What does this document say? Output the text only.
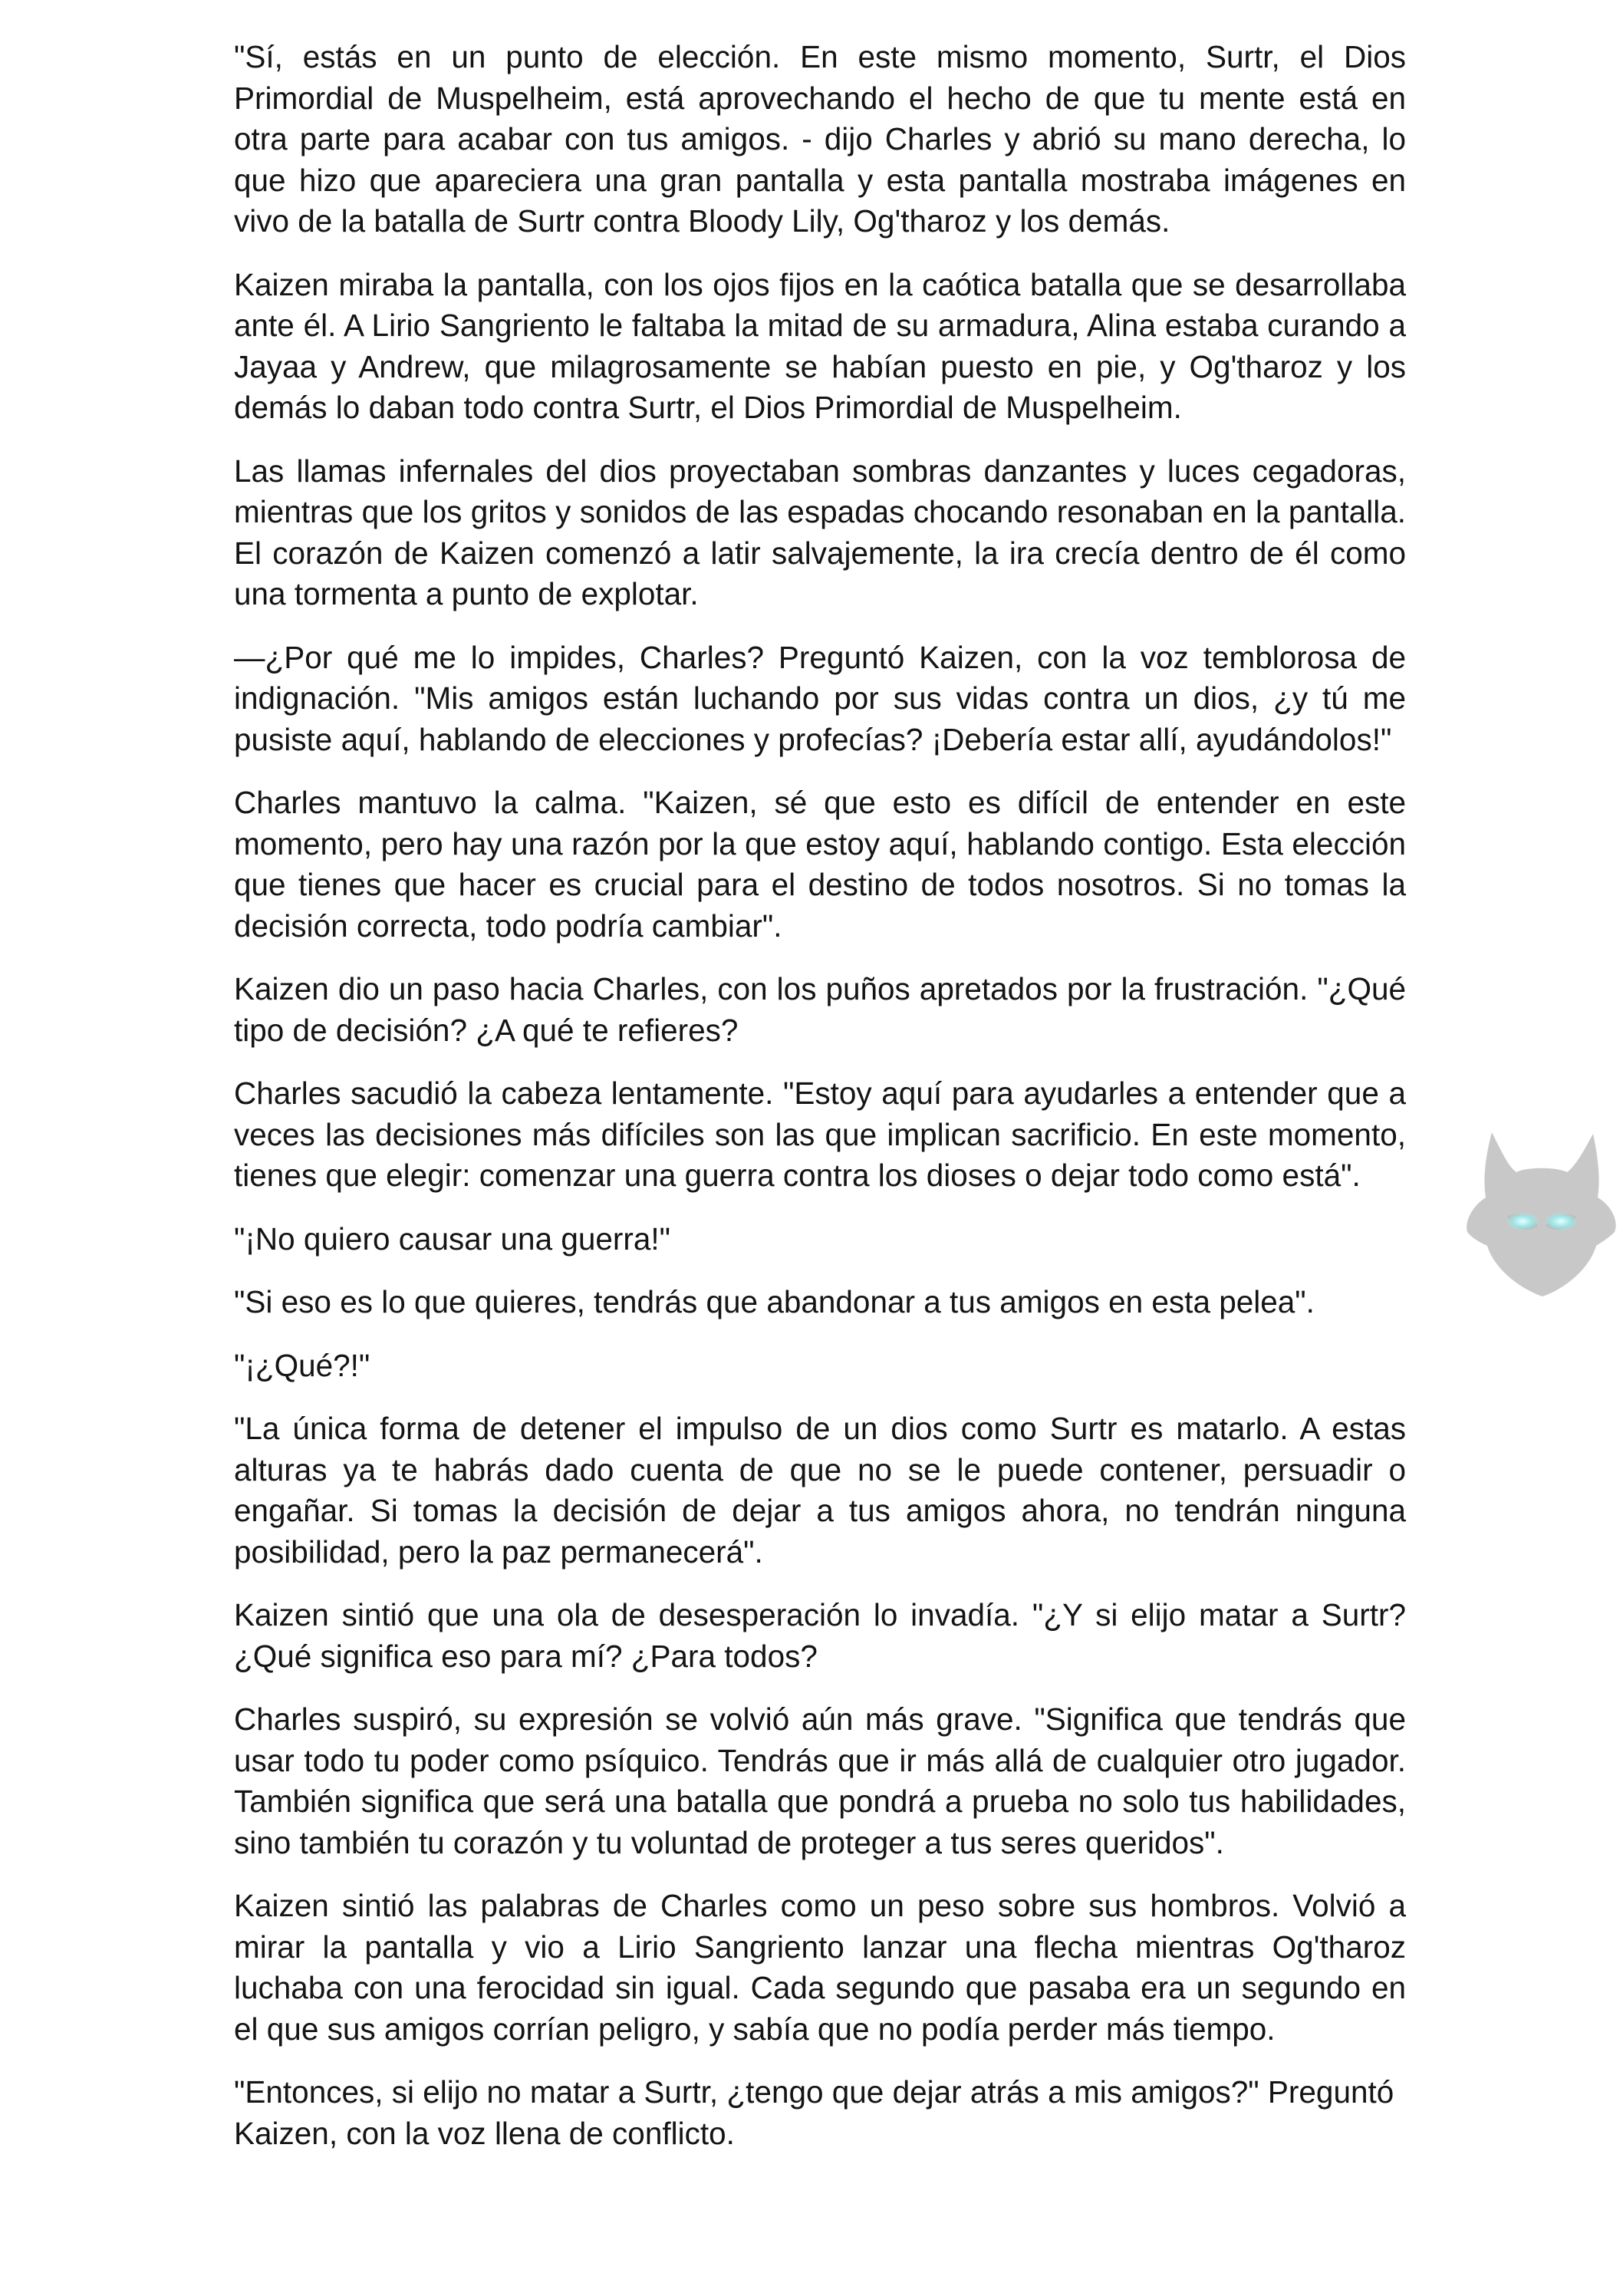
"Sí, estás en un punto de elección. En este mismo momento, Surtr, el Dios Primordial de Muspelheim, está aprovechando el hecho de que tu mente está en otra parte para acabar con tus amigos. - dijo Charles y abrió su mano derecha, lo que hizo que apareciera una gran pantalla y esta pantalla mostraba imágenes en vivo de la batalla de Surtr contra Bloody Lily, Og'tharoz y los demás.

Kaizen miraba la pantalla, con los ojos fijos en la caótica batalla que se desarrollaba ante él. A Lirio Sangriento le faltaba la mitad de su armadura, Alina estaba curando a Jayaa y Andrew, que milagrosamente se habían puesto en pie, y Og'tharoz y los demás lo daban todo contra Surtr, el Dios Primordial de Muspelheim.

Las llamas infernales del dios proyectaban sombras danzantes y luces cegadoras, mientras que los gritos y sonidos de las espadas chocando resonaban en la pantalla. El corazón de Kaizen comenzó a latir salvajemente, la ira crecía dentro de él como una tormenta a punto de explotar.

—¿Por qué me lo impides, Charles? Preguntó Kaizen, con la voz temblorosa de indignación. "Mis amigos están luchando por sus vidas contra un dios, ¿y tú me pusiste aquí, hablando de elecciones y profecías? ¡Debería estar allí, ayudándolos!"

Charles mantuvo la calma. "Kaizen, sé que esto es difícil de entender en este momento, pero hay una razón por la que estoy aquí, hablando contigo. Esta elección que tienes que hacer es crucial para el destino de todos nosotros. Si no tomas la decisión correcta, todo podría cambiar".

Kaizen dio un paso hacia Charles, con los puños apretados por la frustración. "¿Qué tipo de decisión? ¿A qué te refieres?

Charles sacudió la cabeza lentamente. "Estoy aquí para ayudarles a entender que a veces las decisiones más difíciles son las que implican sacrificio. En este momento, tienes que elegir: comenzar una guerra contra los dioses o dejar todo como está".

"¡No quiero causar una guerra!"

"Si eso es lo que quieres, tendrás que abandonar a tus amigos en esta pelea".

"¡¿Qué?!"

"La única forma de detener el impulso de un dios como Surtr es matarlo. A estas alturas ya te habrás dado cuenta de que no se le puede contener, persuadir o engañar. Si tomas la decisión de dejar a tus amigos ahora, no tendrán ninguna posibilidad, pero la paz permanecerá".

Kaizen sintió que una ola de desesperación lo invadía. "¿Y si elijo matar a Surtr? ¿Qué significa eso para mí? ¿Para todos?

Charles suspiró, su expresión se volvió aún más grave. "Significa que tendrás que usar todo tu poder como psíquico. Tendrás que ir más allá de cualquier otro jugador. También significa que será una batalla que pondrá a prueba no solo tus habilidades, sino también tu corazón y tu voluntad de proteger a tus seres queridos".

Kaizen sintió las palabras de Charles como un peso sobre sus hombros. Volvió a mirar la pantalla y vio a Lirio Sangriento lanzar una flecha mientras Og'tharoz luchaba con una ferocidad sin igual. Cada segundo que pasaba era un segundo en el que sus amigos corrían peligro, y sabía que no podía perder más tiempo.

"Entonces, si elijo no matar a Surtr, ¿tengo que dejar atrás a mis amigos?" Preguntó Kaizen, con la voz llena de conflicto.
